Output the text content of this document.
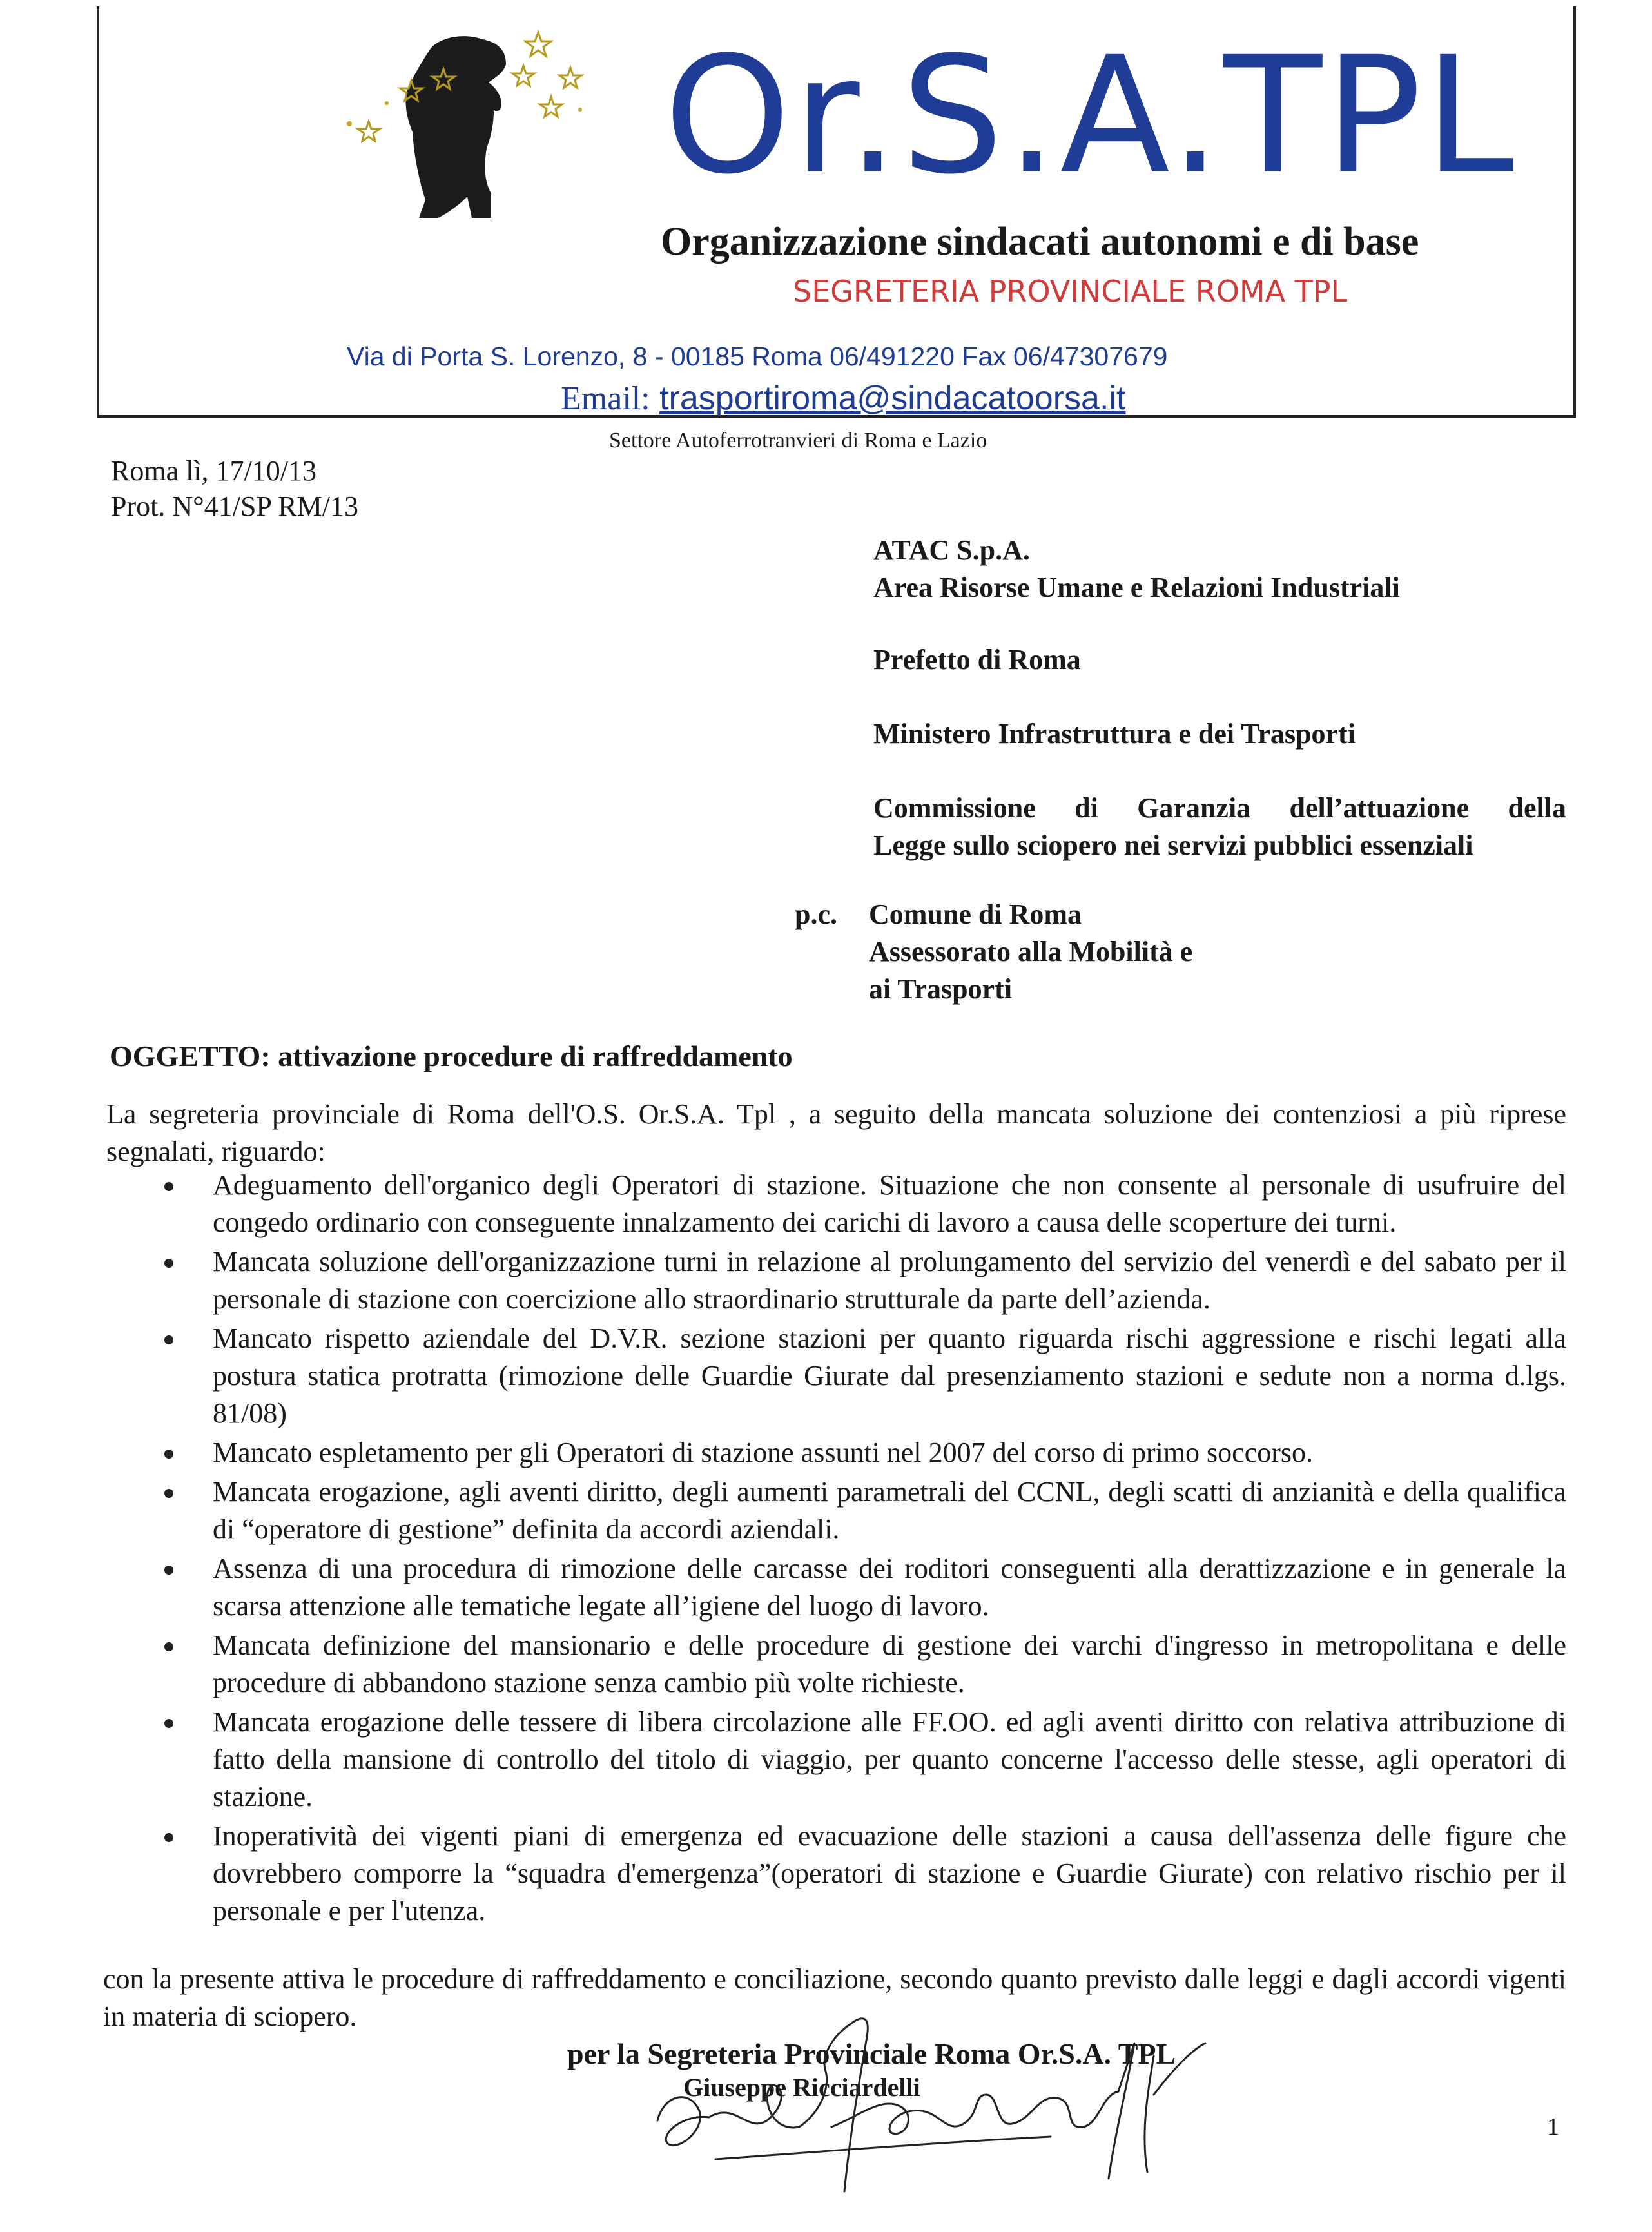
Or.S.A.TPL
Organizzazione sindacati autonomi e di base
SEGRETERIA PROVINCIALE ROMA TPL
Via di Porta S. Lorenzo, 8 - 00185 Roma 06/491220 Fax 06/47307679
Email: trasportiroma@sindacatoorsa.it
Settore Autoferrotranvieri di Roma e Lazio
Roma lì, 17/10/13
Prot. N°41/SP RM/13
ATAC S.p.A.
Area Risorse Umane e Relazioni Industriali
Prefetto di Roma
Ministero Infrastruttura e dei Trasporti
Commissione di Garanzia dell’attuazione della
Legge sullo sciopero nei servizi pubblici essenziali
p.c. Comune di Roma
Assessorato alla Mobilità e
ai Trasporti
OGGETTO: attivazione procedure di raffreddamento
La segreteria provinciale di Roma dell'O.S. Or.S.A. Tpl , a seguito della mancata soluzione dei contenziosi a più riprese segnalati, riguardo:
Adeguamento dell'organico degli Operatori di stazione. Situazione che non consente al personale di usufruire del congedo ordinario con conseguente innalzamento dei carichi di lavoro a causa delle scoperture dei turni.
Mancata soluzione dell'organizzazione turni in relazione al prolungamento del servizio del venerdì e del sabato per il personale di stazione con coercizione allo straordinario strutturale da parte dell’azienda.
Mancato rispetto aziendale del D.V.R. sezione stazioni per quanto riguarda rischi aggressione e rischi legati alla postura statica protratta (rimozione delle Guardie Giurate dal presenziamento stazioni e sedute non a norma d.lgs. 81/08)
Mancato espletamento per gli Operatori di stazione assunti nel 2007 del corso di primo soccorso.
Mancata erogazione, agli aventi diritto, degli aumenti parametrali del CCNL, degli scatti di anzianità e della qualifica di “operatore di gestione” definita da accordi aziendali.
Assenza di una procedura di rimozione delle carcasse dei roditori conseguenti alla derattizzazione e in generale la scarsa attenzione alle tematiche legate all’igiene del luogo di lavoro.
Mancata definizione del mansionario e delle procedure di gestione dei varchi d'ingresso in metropolitana e delle procedure di abbandono stazione senza cambio più volte richieste.
Mancata erogazione delle tessere di libera circolazione alle FF.OO. ed agli aventi diritto con relativa attribuzione di fatto della mansione di controllo del titolo di viaggio, per quanto concerne l'accesso delle stesse, agli operatori di stazione.
Inoperatività dei vigenti piani di emergenza ed evacuazione delle stazioni a causa dell'assenza delle figure che dovrebbero comporre la “squadra d'emergenza”(operatori di stazione e Guardie Giurate) con relativo rischio per il personale e per l'utenza.
con la presente attiva le procedure di raffreddamento e conciliazione, secondo quanto previsto dalle leggi e dagli accordi vigenti in materia di sciopero.
per la Segreteria Provinciale Roma Or.S.A. TPL
Giuseppe Ricciardelli
1
